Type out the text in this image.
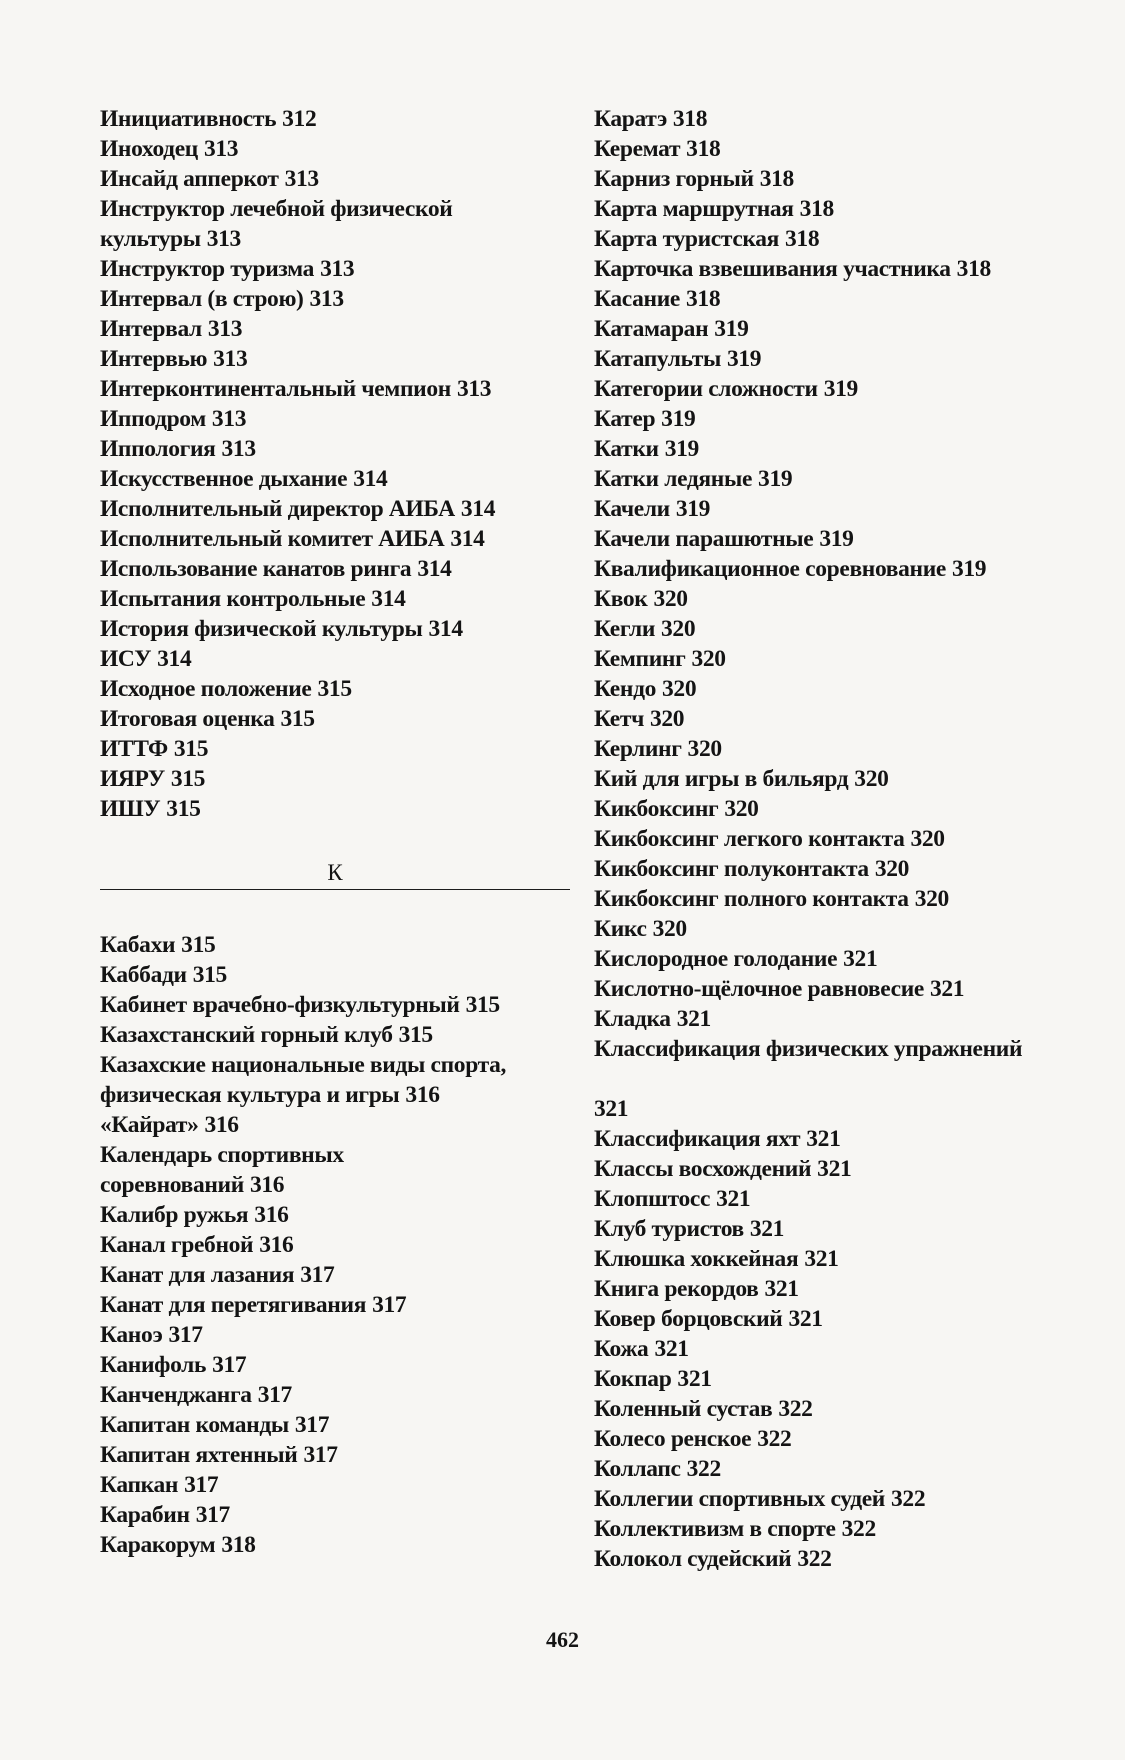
Инициативность 312
Иноходец 313
Инсайд апперкот 313
Инструктор лечебной физической
культуры 313
Инструктор туризма 313
Интервал (в строю) 313
Интервал 313
Интервью 313
Интерконтинентальный чемпион 313
Ипподром 313
Иппология 313
Искусственное дыхание 314
Исполнительный директор АИБА 314
Исполнительный комитет АИБА 314
Использование канатов ринга 314
Испытания контрольные 314
История физической культуры 314
ИСУ 314
Исходное положение 315
Итоговая оценка 315
ИТТФ 315
ИЯРУ 315
ИШУ 315
К
Кабахи 315
Каббади 315
Кабинет врачебно-физкультурный 315
Казахстанский горный клуб 315
Казахские национальные виды спорта,
физическая культура и игры 316
«Кайрат» 316
Календарь спортивных
соревнований 316
Калибр ружья 316
Канал гребной 316
Канат для лазания 317
Канат для перетягивания 317
Каноэ 317
Канифоль 317
Канченджанга 317
Капитан команды 317
Капитан яхтенный 317
Капкан 317
Карабин 317
Каракорум 318
Каратэ 318
Керемат 318
Карниз горный 318
Карта маршрутная 318
Карта туристская 318
Карточка взвешивания участника 318
Касание 318
Катамаран 319
Катапульты 319
Категории сложности 319
Катер 319
Катки 319
Катки ледяные 319
Качели 319
Качели парашютные 319
Квалификационное соревнование 319
Квок 320
Кегли 320
Кемпинг 320
Кендо 320
Кетч 320
Керлинг 320
Кий для игры в бильярд 320
Кикбоксинг 320
Кикбоксинг легкого контакта 320
Кикбоксинг полуконтакта 320
Кикбоксинг полного контакта 320
Кикс 320
Кислородное голодание 321
Кислотно-щёлочное равновесие 321
Кладка 321
Классификация физических упражнений

321
Классификация яхт 321
Классы восхождений 321
Клопштосс 321
Клуб туристов 321
Клюшка хоккейная 321
Книга рекордов 321
Ковер борцовский 321
Кожа 321
Кокпар 321
Коленный сустав 322
Колесо ренское 322
Коллапс 322
Коллегии спортивных судей 322
Коллективизм в спорте 322
Колокол судейский 322
462
